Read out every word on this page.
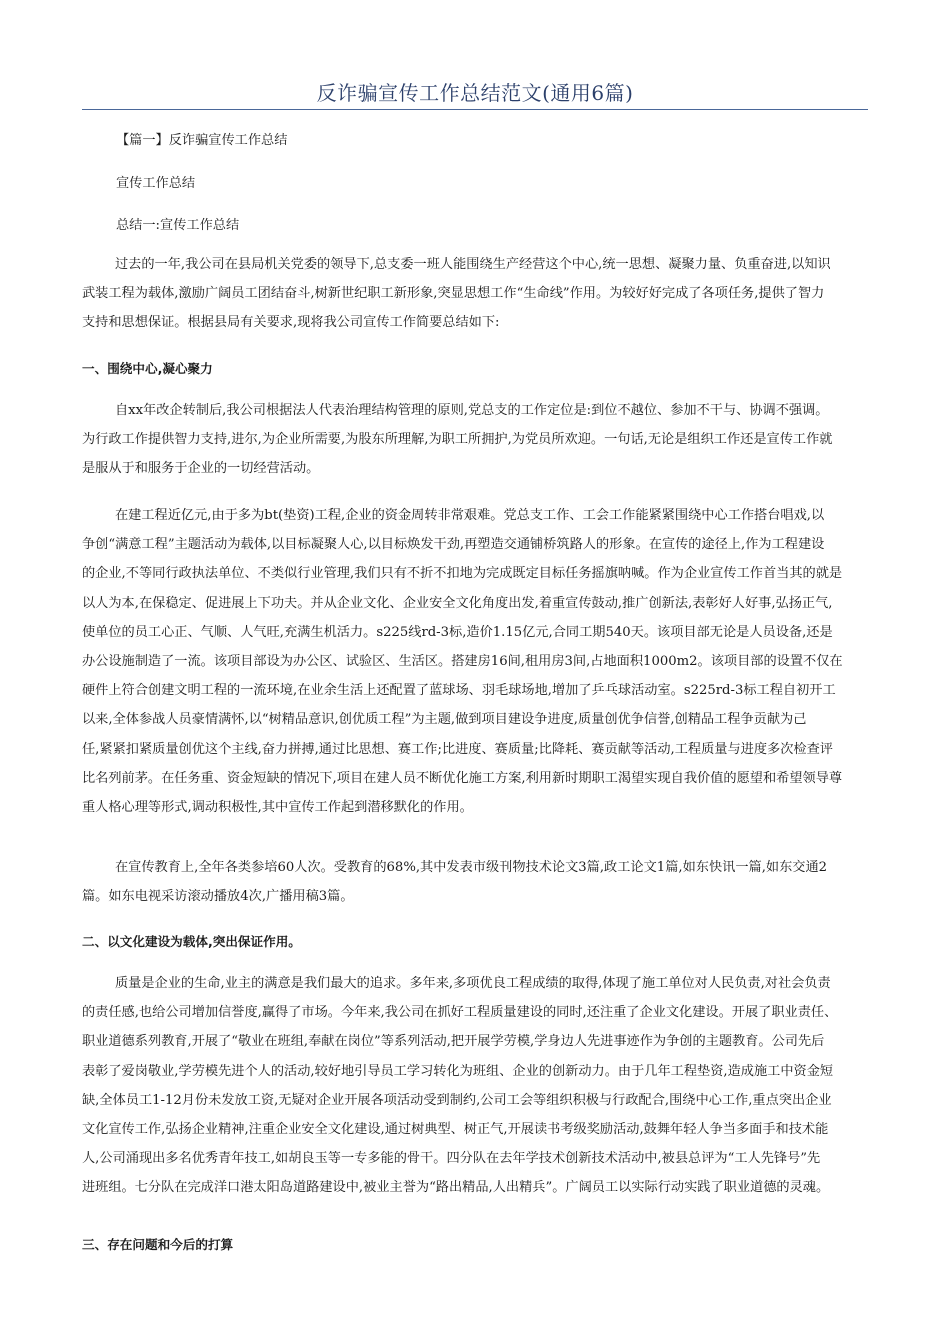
反诈骗宣传工作总结范文(通用6篇)
【篇一】反诈骗宣传工作总结
宣传工作总结
总结一:宣传工作总结

过去的一年,我公司在县局机关党委的领导下,总支委一班人能围绕生产经营这个中心,统一思想、凝聚力量、负重奋进,以知识

武装工程为载体,激励广阔员工团结奋斗,树新世纪职工新形象,突显思想工作“生命线”作用。为较好好完成了各项任务,提供了智力

支持和思想保证。根据县局有关要求,现将我公司宣传工作简要总结如下:

一、围绕中心,凝心聚力

自xx年改企转制后,我公司根据法人代表治理结构管理的原则,党总支的工作定位是:到位不越位、参加不干与、协调不强调。

为行政工作提供智力支持,进尔,为企业所需要,为股东所理解,为职工所拥护,为党员所欢迎。一句话,无论是组织工作还是宣传工作就

是服从于和服务于企业的一切经营活动。

在建工程近亿元,由于多为bt(垫资)工程,企业的资金周转非常艰难。党总支工作、工会工作能紧紧围绕中心工作搭台唱戏,以

争创“满意工程”主题活动为载体,以目标凝聚人心,以目标焕发干劲,再塑造交通铺桥筑路人的形象。在宣传的途径上,作为工程建设

的企业,不等同行政执法单位、不类似行业管理,我们只有不折不扣地为完成既定目标任务摇旗呐喊。作为企业宣传工作首当其的就是

以人为本,在保稳定、促进展上下功夫。并从企业文化、企业安全文化角度出发,着重宣传鼓动,推广创新法,表彰好人好事,弘扬正气,

使单位的员工心正、气顺、人气旺,充满生机活力。s225线rd-3标,造价1.15亿元,合同工期540天。该项目部无论是人员设备,还是

办公设施制造了一流。该项目部设为办公区、试验区、生活区。搭建房16间,租用房3间,占地面积1000m2。该项目部的设置不仅在

硬件上符合创建文明工程的一流环境,在业余生活上还配置了蓝球场、羽毛球场地,增加了乒乓球活动室。s225rd-3标工程自初开工

以来,全体参战人员豪情满怀,以“树精品意识,创优质工程”为主题,做到项目建设争进度,质量创优争信誉,创精品工程争贡献为己

任,紧紧扣紧质量创优这个主线,奋力拼搏,通过比思想、赛工作;比进度、赛质量;比降耗、赛贡献等活动,工程质量与进度多次检查评

比名列前茅。在任务重、资金短缺的情况下,项目在建人员不断优化施工方案,利用新时期职工渴望实现自我价值的愿望和希望领导尊

重人格心理等形式,调动积极性,其中宣传工作起到潜移默化的作用。

在宣传教育上,全年各类参培60人次。受教育的68%,其中发表市级刊物技术论文3篇,政工论文1篇,如东快讯一篇,如东交通2

篇。如东电视采访滚动播放4次,广播用稿3篇。

二、以文化建设为载体,突出保证作用。

质量是企业的生命,业主的满意是我们最大的追求。多年来,多项优良工程成绩的取得,体现了施工单位对人民负责,对社会负责

的责任感,也给公司增加信誉度,赢得了市场。今年来,我公司在抓好工程质量建设的同时,还注重了企业文化建设。开展了职业责任、

职业道德系列教育,开展了“敬业在班组,奉献在岗位”等系列活动,把开展学劳模,学身边人先进事迹作为争创的主题教育。公司先后

表彰了爱岗敬业,学劳模先进个人的活动,较好地引导员工学习转化为班组、企业的创新动力。由于几年工程垫资,造成施工中资金短

缺,全体员工1-12月份未发放工资,无疑对企业开展各项活动受到制约,公司工会等组织积极与行政配合,围绕中心工作,重点突出企业

文化宣传工作,弘扬企业精神,注重企业安全文化建设,通过树典型、树正气,开展读书考级奖励活动,鼓舞年轻人争当多面手和技术能

人,公司涌现出多名优秀青年技工,如胡良玉等一专多能的骨干。四分队在去年学技术创新技术活动中,被县总评为“工人先锋号”先

进班组。七分队在完成洋口港太阳岛道路建设中,被业主誉为“路出精品,人出精兵”。广阔员工以实际行动实践了职业道德的灵魂。

三、存在问题和今后的打算
